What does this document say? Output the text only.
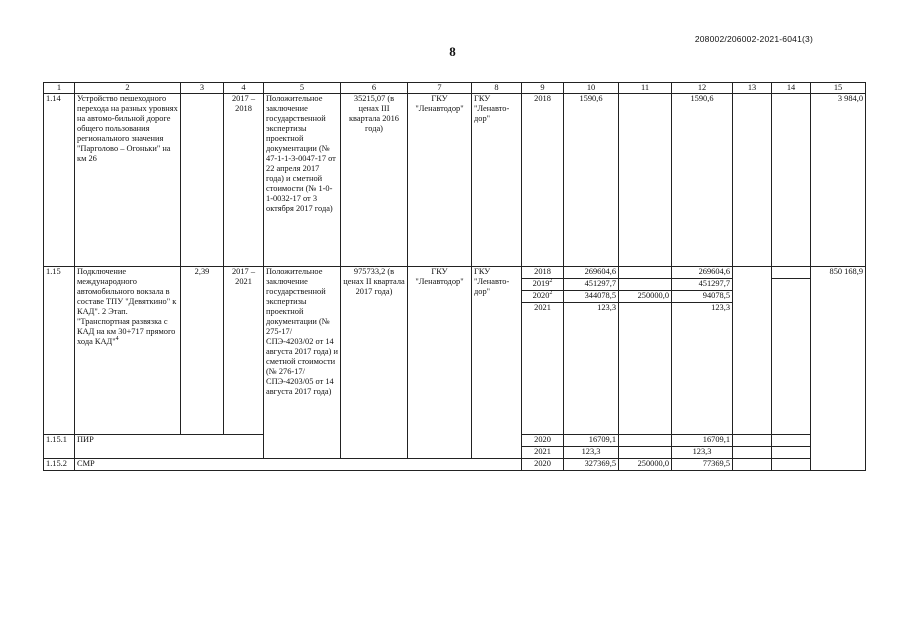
208002/206002-2021-6041(3)
8
1	2	3	4	5	6	7	8	9	10	11	12	13	14	15
1.14	Устройство пешеходного перехода на разных уровнях на автомо-бильной дороге общего пользования регионального значения "Парголово – Огоньки" на км 26		2017 – 2018	Положительное заключение государственной экспертизы проектной документации (№ 47-1-1-3-0047-17 от 22 апреля 2017 года) и сметной стоимости (№ 1-0-1-0032-17 от 3 октября 2017 года)	35215,07 (в ценах III квартала 2016 года)	ГКУ "Ленавтодор"	ГКУ "Ленавто-дор"	2018	1590,6		1590,6			3 984,0
1.15	Подключение международного автомобильного вокзала в составе ТПУ "Девяткино" к КАД". 2 Этап. "Транспортная развязка с КАД на км 30+717 прямого хода КАД"$^4$	2,39	2017 – 2021	Положительное заключение государственной экспертизы проектной документации (№ 275-17/СПЭ-4203/02 от 14 августа 2017 года) и сметной стоимости (№ 276-17/СПЭ-4203/05 от 14 августа 2017 года)	975733,2 (в ценах II квартала 2017 года)	ГКУ "Ленавтодор"	ГКУ "Ленавто-дор"	2018	269604,6		269604,6			850 168,9
								2019$^2$	451297,7		451297,7			
								2020$^2$	344078,5	250000,0	94078,5			
								2021	123,3		123,3			
1.15.1	ПИР							2020	16709,1		16709,1			
								2021	123,3		123,3			
1.15.2	СМР							2020	327369,5	250000,0	77369,5			
